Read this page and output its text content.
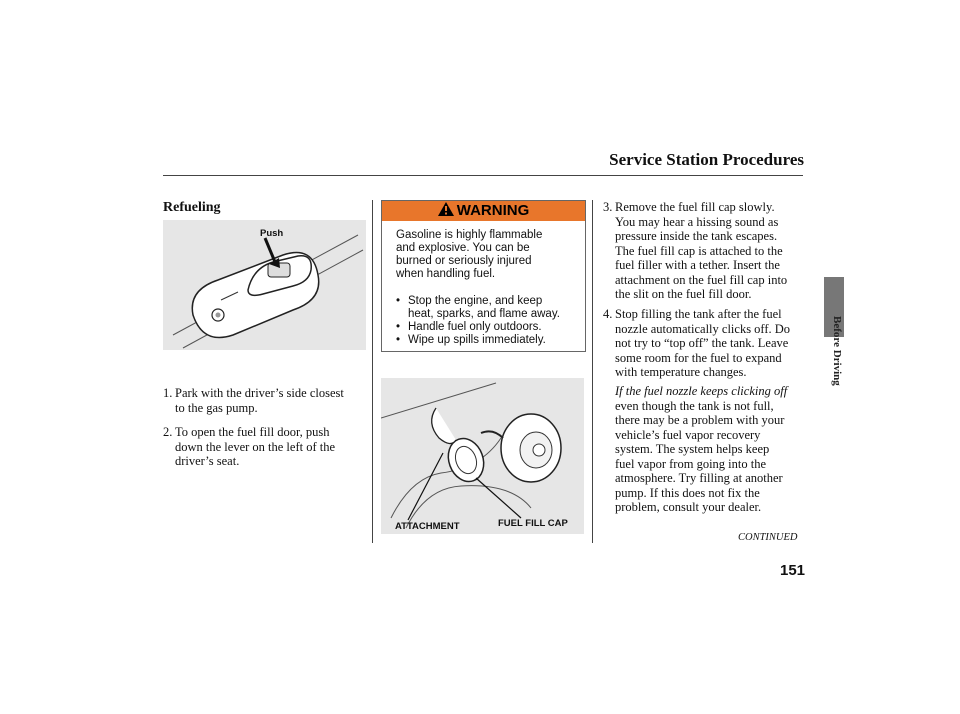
Service Station Procedures
Before Driving
Refueling
Push
1. Park with the driver’s side closest
to the gas pump.
2. To open the fuel fill door, push
down the lever on the left of the
driver’s seat.
WARNING
Gasoline is highly flammable
and explosive. You can be
burned or seriously injured
when handling fuel.
• Stop the engine, and keep
heat, sparks, and flame away.
• Handle fuel only outdoors.
• Wipe up spills immediately.
ATTACHMENT	FUEL FILL CAP
3. Remove the fuel fill cap slowly.
You may hear a hissing sound as
pressure inside the tank escapes.
The fuel fill cap is attached to the
fuel filler with a tether. Insert the
attachment on the fuel fill cap into
the slit on the fuel fill door.
4. Stop filling the tank after the fuel
nozzle automatically clicks off. Do
not try to “top off” the tank. Leave
some room for the fuel to expand
with temperature changes.
If the fuel nozzle keeps clicking off
even though the tank is not full,
there may be a problem with your
vehicle’s fuel vapor recovery
system. The system helps keep
fuel vapor from going into the
atmosphere. Try filling at another
pump. If this does not fix the
problem, consult your dealer.
CONTINUED
151
